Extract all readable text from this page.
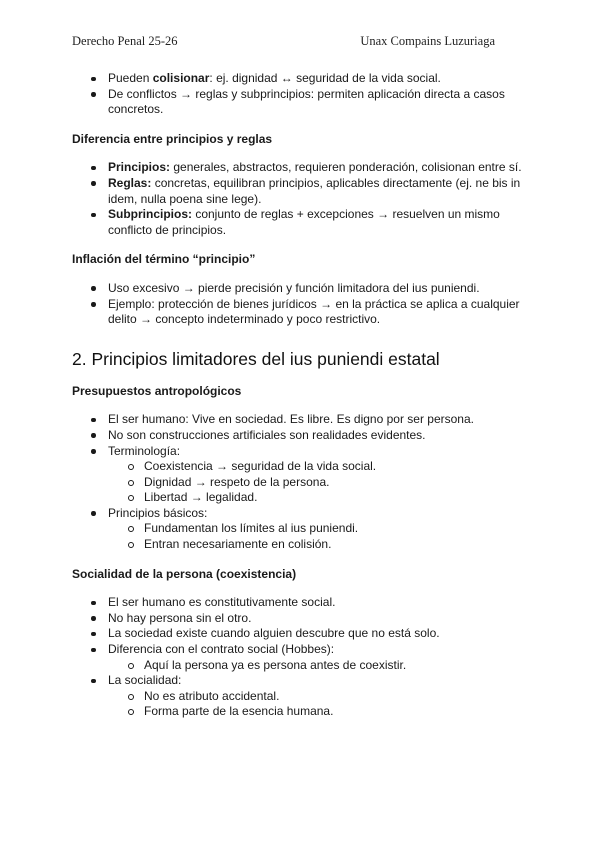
Derecho Penal 25-26	Unax Compains Luzuriaga
Pueden colisionar: ej. dignidad ↔ seguridad de la vida social.
De conflictos → reglas y subprincipios: permiten aplicación directa a casos concretos.

Diferencia entre principios y reglas

Principios: generales, abstractos, requieren ponderación, colisionan entre sí.
Reglas: concretas, equilibran principios, aplicables directamente (ej. ne bis in idem, nulla poena sine lege).
Subprincipios: conjunto de reglas + excepciones → resuelven un mismo conflicto de principios.

Inflación del término “principio”

Uso excesivo → pierde precisión y función limitadora del ius puniendi.
Ejemplo: protección de bienes jurídicos → en la práctica se aplica a cualquier delito → concepto indeterminado y poco restrictivo.
2. Principios limitadores del ius puniendi estatal

Presupuestos antropológicos

El ser humano: Vive en sociedad. Es libre. Es digno por ser persona.
No son construcciones artificiales son realidades evidentes.
Terminología:
Coexistencia → seguridad de la vida social.
Dignidad → respeto de la persona.
Libertad → legalidad.
Principios básicos:
Fundamentan los límites al ius puniendi.
Entran necesariamente en colisión.

Socialidad de la persona (coexistencia)

El ser humano es constitutivamente social.
No hay persona sin el otro.
La sociedad existe cuando alguien descubre que no está solo.
Diferencia con el contrato social (Hobbes):
Aquí la persona ya es persona antes de coexistir.
La socialidad:
No es atributo accidental.
Forma parte de la esencia humana.
